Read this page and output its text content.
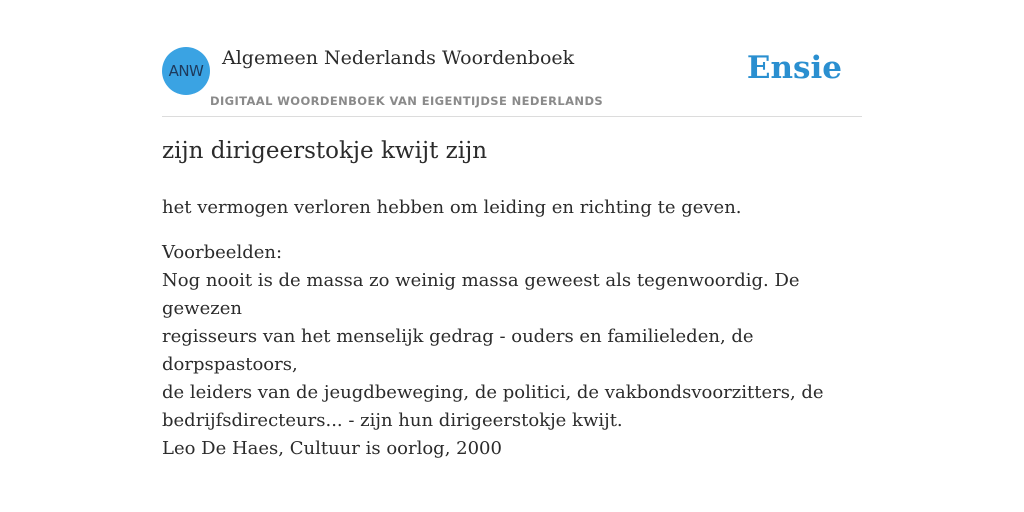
ANW
Algemeen Nederlands Woordenboek
DIGITAAL WOORDENBOEK VAN EIGENTIJDSE NEDERLANDS
Ensie
zijn dirigeerstokje kwijt zijn

het vermogen verloren hebben om leiding en richting te geven.

Voorbeelden:
Nog nooit is de massa zo weinig massa geweest als tegenwoordig. De gewezen
regisseurs van het menselijk gedrag - ouders en familieleden, de dorpspastoors,
de leiders van de jeugdbeweging, de politici, de vakbondsvoorzitters, de
bedrijfsdirecteurs... - zijn hun dirigeerstokje kwijt.
Leo De Haes, Cultuur is oorlog, 2000
